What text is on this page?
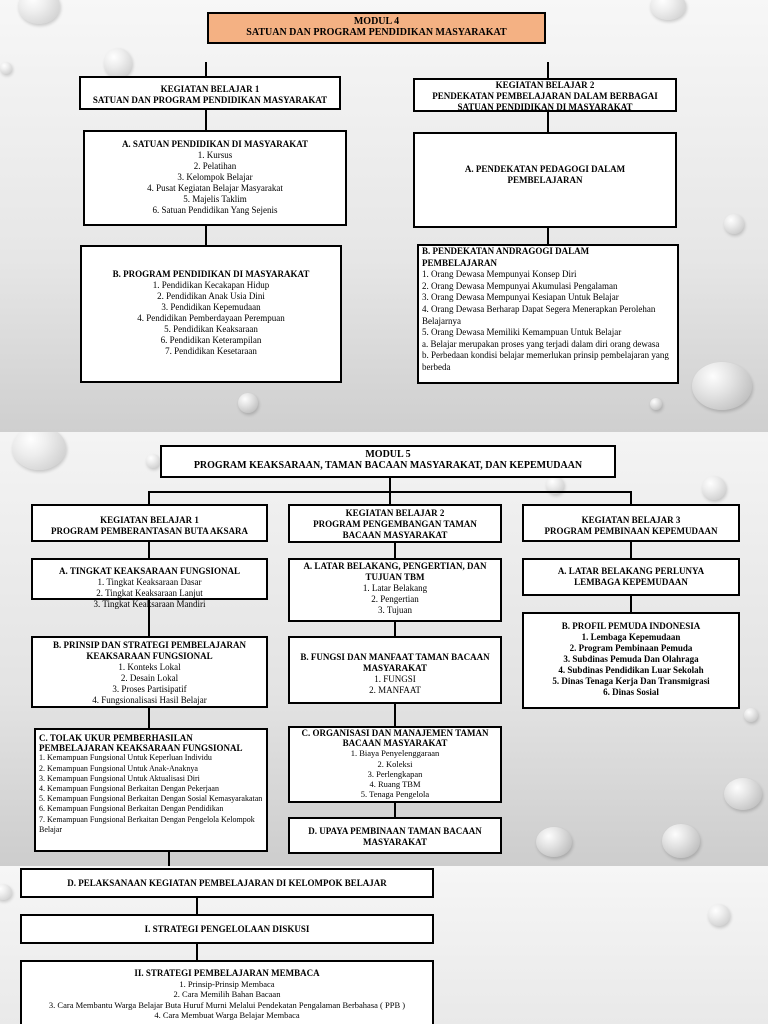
MODUL 4
SATUAN DAN PROGRAM PENDIDIKAN MASYARAKAT
KEGIATAN BELAJAR 1
SATUAN DAN PROGRAM PENDIDIKAN MASYARAKAT
KEGIATAN BELAJAR 2
PENDEKATAN PEMBELAJARAN DALAM BERBAGAI
SATUAN PENDIDIKAN DI MASYARAKAT
A. SATUAN PENDIDIKAN DI MASYARAKAT
1. Kursus
2. Pelatihan
3. Kelompok Belajar
4. Pusat Kegiatan Belajar Masyarakat
5. Majelis Taklim
6. Satuan Pendidikan Yang Sejenis
B. PROGRAM PENDIDIKAN DI MASYARAKAT
1. Pendidikan Kecakapan Hidup
2. Pendidikan Anak Usia Dini
3. Pendidikan Kepemudaan
4. Pendidikan Pemberdayaan Perempuan
5. Pendidikan Keaksaraan
6. Pendidikan Keterampilan
7. Pendidikan Kesetaraan
A. PENDEKATAN PEDAGOGI DALAM
PEMBELAJARAN
B. PENDEKATAN ANDRAGOGI DALAM
PEMBELAJARAN
1. Orang Dewasa Mempunyai Konsep Diri
2. Orang Dewasa Mempunyai Akumulasi Pengalaman
3. Orang Dewasa Mempunyai Kesiapan Untuk Belajar
4. Orang Dewasa Berharap Dapat Segera Menerapkan Perolehan Belajarnya
5. Orang Dewasa Memiliki Kemampuan Untuk Belajar
a. Belajar merupakan proses yang terjadi dalam diri orang dewasa
b. Perbedaan kondisi belajar memerlukan prinsip pembelajaran yang berbeda
MODUL 5
PROGRAM KEAKSARAAN, TAMAN BACAAN MASYARAKAT, DAN KEPEMUDAAN
KEGIATAN BELAJAR 1
PROGRAM PEMBERANTASAN BUTA AKSARA
KEGIATAN BELAJAR 2
PROGRAM PENGEMBANGAN TAMAN
BACAAN MASYARAKAT
KEGIATAN BELAJAR 3
PROGRAM PEMBINAAN KEPEMUDAAN
A. TINGKAT KEAKSARAAN FUNGSIONAL
1. Tingkat Keaksaraan Dasar
2. Tingkat Keaksaraan Lanjut
3. Tingkat Keaksaraan Mandiri
B. PRINSIP DAN STRATEGI PEMBELAJARAN
KEAKSARAAN FUNGSIONAL
1. Konteks Lokal
2. Desain Lokal
3. Proses Partisipatif
4. Fungsionalisasi Hasil Belajar
C. TOLAK UKUR PEMBERHASILAN
PEMBELAJARAN KEAKSARAAN FUNGSIONAL
1. Kemampuan Fungsional Untuk Keperluan Individu
2. Kemampuan Fungsional Untuk Anak-Anaknya
3. Kemampuan Fungsional Untuk Aktualisasi Diri
4. Kemampuan Fungsional Berkaitan Dengan Pekerjaan
5. Kemampuan Fungsional Berkaitan Dengan Sosial Kemasyarakatan
6. Kemampuan Fungsional Berkaitan Dengan Pendidikan
7. Kemampuan Fungsional Berkaitan Dengan Pengelola Kelompok Belajar
A. LATAR BELAKANG, PENGERTIAN, DAN
TUJUAN TBM
1. Latar Belakang
2. Pengertian
3. Tujuan
B. FUNGSI DAN MANFAAT TAMAN BACAAN
MASYARAKAT
1. FUNGSI
2. MANFAAT
C. ORGANISASI DAN MANAJEMEN TAMAN
BACAAN MASYARAKAT
1. Biaya Penyelenggaraan
2. Koleksi
3. Perlengkapan
4. Ruang TBM
5. Tenaga Pengelola
D. UPAYA PEMBINAAN TAMAN BACAAN
MASYARAKAT
A. LATAR BELAKANG PERLUNYA
LEMBAGA KEPEMUDAAN
B. PROFIL PEMUDA INDONESIA
1. Lembaga Kepemudaan
2. Program Pembinaan Pemuda
3. Subdinas Pemuda Dan Olahraga
4. Subdinas Pendidikan Luar Sekolah
5. Dinas Tenaga Kerja Dan Transmigrasi
6. Dinas Sosial
D. PELAKSANAAN KEGIATAN PEMBELAJARAN DI KELOMPOK BELAJAR
I. STRATEGI PENGELOLAAN DISKUSI
II. STRATEGI PEMBELAJARAN MEMBACA
1. Prinsip-Prinsip Membaca
2. Cara Memilih Bahan Bacaan
3. Cara Membantu Warga Belajar Buta Huruf Murni Melalui Pendekatan Pengalaman Berbahasa ( PPB )
4. Cara Membuat Warga Belajar Membaca
